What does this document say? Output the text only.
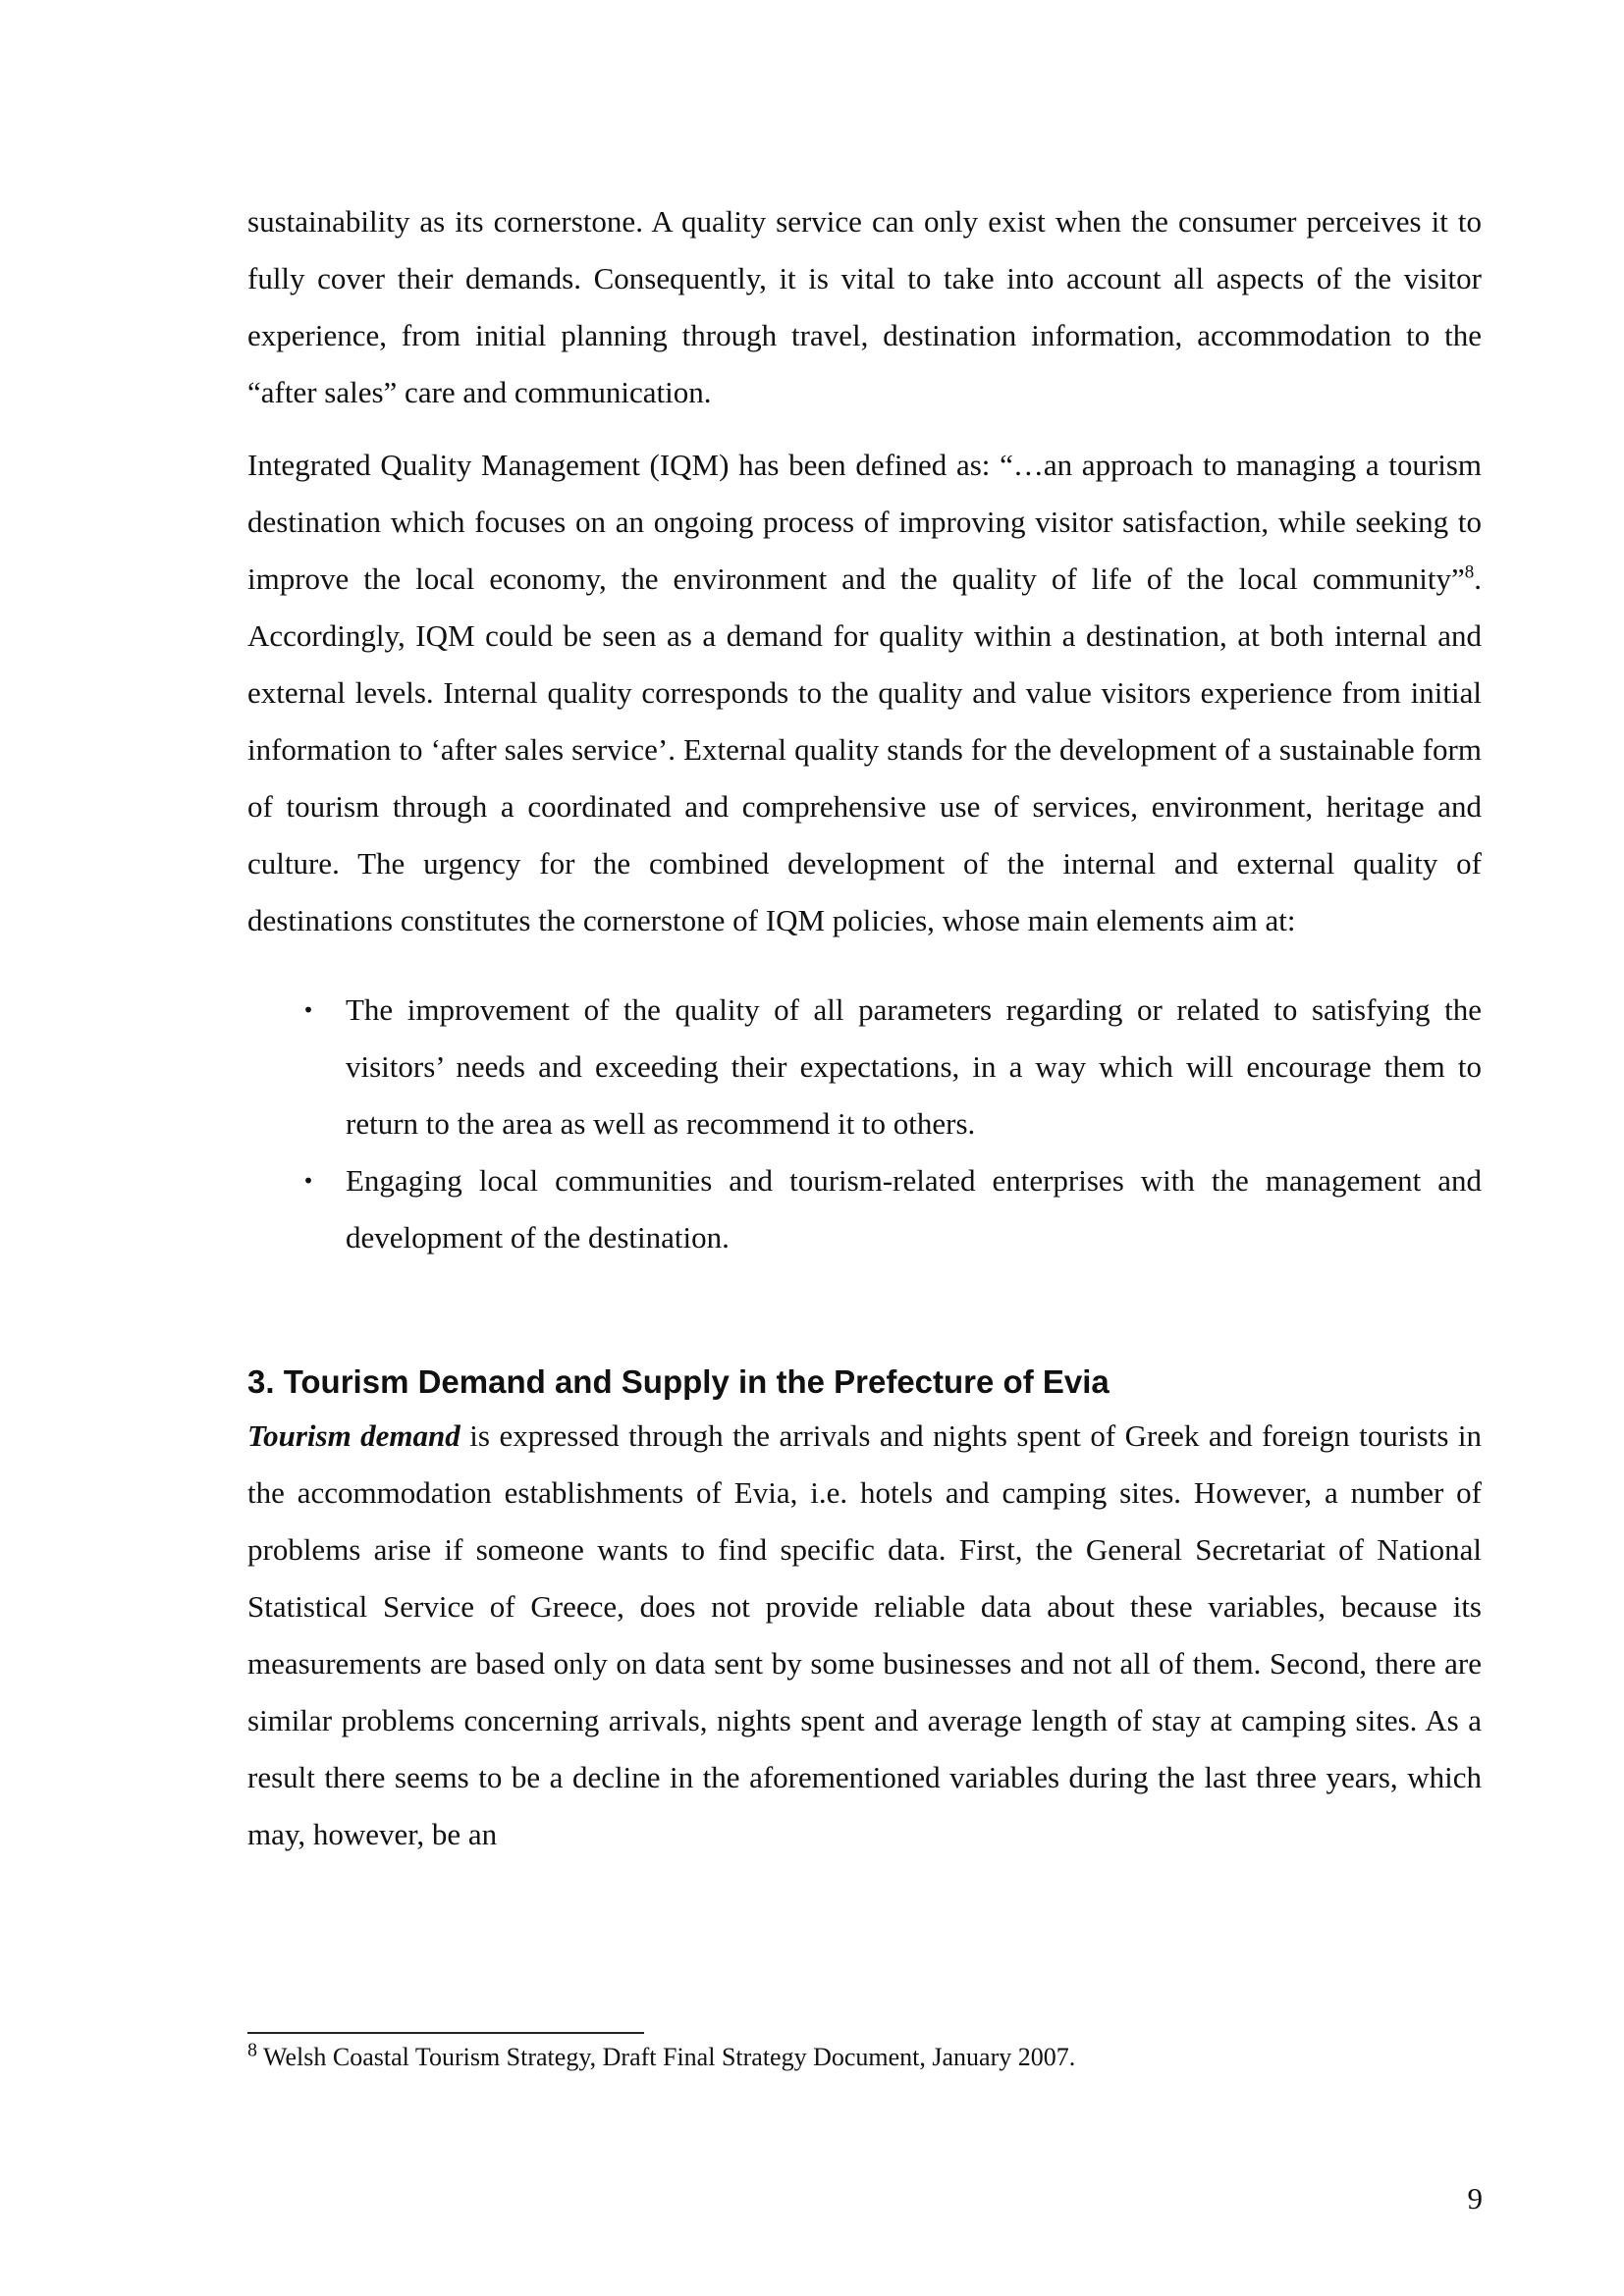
sustainability as its cornerstone. A quality service can only exist when the consumer perceives it to fully cover their demands. Consequently, it is vital to take into account all aspects of the visitor experience, from initial planning through travel, destination information, accommodation to the “after sales” care and communication.

Integrated Quality Management (IQM) has been defined as: “…an approach to managing a tourism destination which focuses on an ongoing process of improving visitor satisfaction, while seeking to improve the local economy, the environment and the quality of life of the local community”$^8$. Accordingly, IQM could be seen as a demand for quality within a destination, at both internal and external levels. Internal quality corresponds to the quality and value visitors experience from initial information to ‘after sales service’. External quality stands for the development of a sustainable form of tourism through a coordinated and comprehensive use of services, environment, heritage and culture. The urgency for the combined development of the internal and external quality of destinations constitutes the cornerstone of IQM policies, whose main elements aim at:

• The improvement of the quality of all parameters regarding or related to satisfying the visitors’ needs and exceeding their expectations, in a way which will encourage them to return to the area as well as recommend it to others.
• Engaging local communities and tourism-related enterprises with the management and development of the destination.
3. Tourism Demand and Supply in the Prefecture of Evia

Tourism demand is expressed through the arrivals and nights spent of Greek and foreign tourists in the accommodation establishments of Evia, i.e. hotels and camping sites. However, a number of problems arise if someone wants to find specific data. First, the General Secretariat of National Statistical Service of Greece, does not provide reliable data about these variables, because its measurements are based only on data sent by some businesses and not all of them. Second, there are similar problems concerning arrivals, nights spent and average length of stay at camping sites. As a result there seems to be a decline in the aforementioned variables during the last three years, which may, however, be an

$^8$ Welsh Coastal Tourism Strategy, Draft Final Strategy Document, January 2007.
9
